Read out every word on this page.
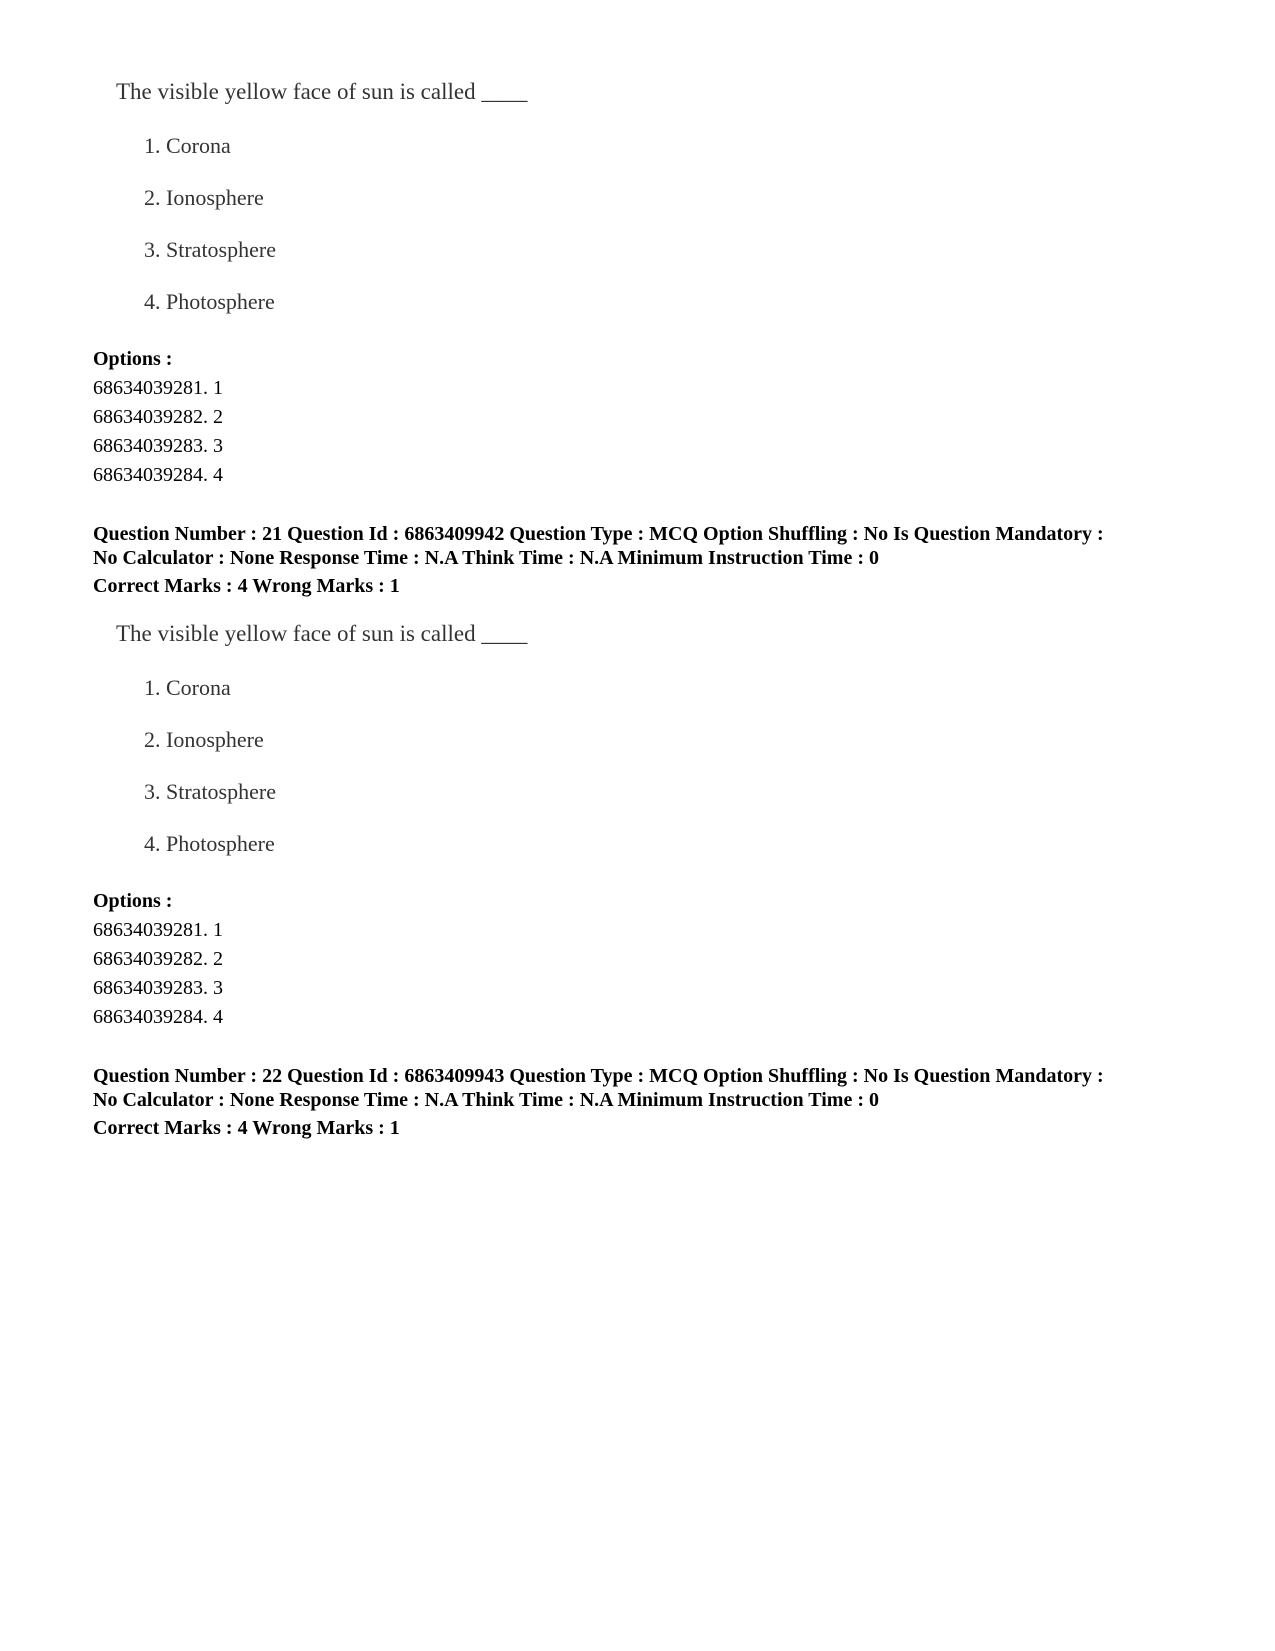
The visible yellow face of sun is called ____

1. Corona

2. Ionosphere

3. Stratosphere

4. Photosphere

Options :
68634039281. 1
68634039282. 2
68634039283. 3
68634039284. 4
Question Number : 21 Question Id : 6863409942 Question Type : MCQ Option Shuffling : No Is Question Mandatory :
No Calculator : None Response Time : N.A Think Time : N.A Minimum Instruction Time : 0
Correct Marks : 4 Wrong Marks : 1

The visible yellow face of sun is called ____

1. Corona

2. Ionosphere

3. Stratosphere

4. Photosphere

Options :
68634039281. 1
68634039282. 2
68634039283. 3
68634039284. 4
Question Number : 22 Question Id : 6863409943 Question Type : MCQ Option Shuffling : No Is Question Mandatory :
No Calculator : None Response Time : N.A Think Time : N.A Minimum Instruction Time : 0
Correct Marks : 4 Wrong Marks : 1
